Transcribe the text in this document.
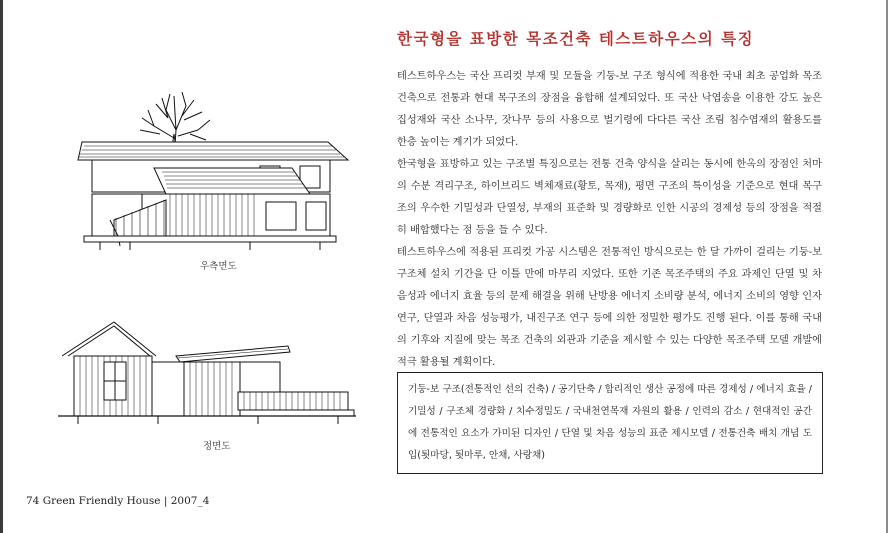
우측면도
정면도
한국형을 표방한 목조건축 테스트하우스의 특징

테스트하우스는 국산 프리컷 부재 및 모듈을 기둥-보 구조 형식에 적용한 국내 최초 공업화 목조건축으로 전통과 현대 목구조의 장점을 융합해 설계되었다. 또 국산 낙엽송을 이용한 강도 높은 집성재와 국산 소나무, 잣나무 등의 사용으로 벌기령에 다다른 국산 조림 침수엽재의 활용도를 한층 높이는 계기가 되었다.

한국형을 표방하고 있는 구조별 특징으로는 전통 건축 양식을 살리는 동시에 한옥의 장점인 처마의 수분 격리구조, 하이브리드 벽체재료(황토, 목재), 평면 구조의 특이성을 기준으로 현대 목구조의 우수한 기밀성과 단열성, 부재의 표준화 및 경량화로 인한 시공의 경제성 등의 장점을 적절히 배합했다는 점 등을 들 수 있다.

테스트하우스에 적용된 프리컷 가공 시스템은 전통적인 방식으로는 한 달 가까이 걸리는 기둥-보 구조체 설치 기간을 단 이틀 만에 마무리 지었다. 또한 기존 목조주택의 주요 과제인 단열 및 차음성과 에너지 효율 등의 문제 해결을 위해 난방용 에너지 소비량 분석, 에너지 소비의 영향 인자 연구, 단열과 차음 성능평가, 내진구조 연구 등에 의한 정밀한 평가도 진행 된다. 이를 통해 국내의 기후와 지질에 맞는 목조 건축의 외관과 기준을 제시할 수 있는 다양한 목조주택 모델 개발에 적극 활용될 계획이다.

기둥-보 구조(전통적인 선의 건축) / 공기단축 / 합리적인 생산 공정에 따른 경제성 / 에너지 효율 / 기밀성 / 구조체 경량화 / 치수정밀도 / 국내천연목재 자원의 활용 / 인력의 감소 / 현대적인 공간에 전통적인 요소가 가미된 디자인 / 단열 및 차음 성능의 표준 제시모델 / 전통건축 배치 개념 도입(툇마당, 툇마루, 안채, 사랑채)
74 Green Friendly House | 2007_4
